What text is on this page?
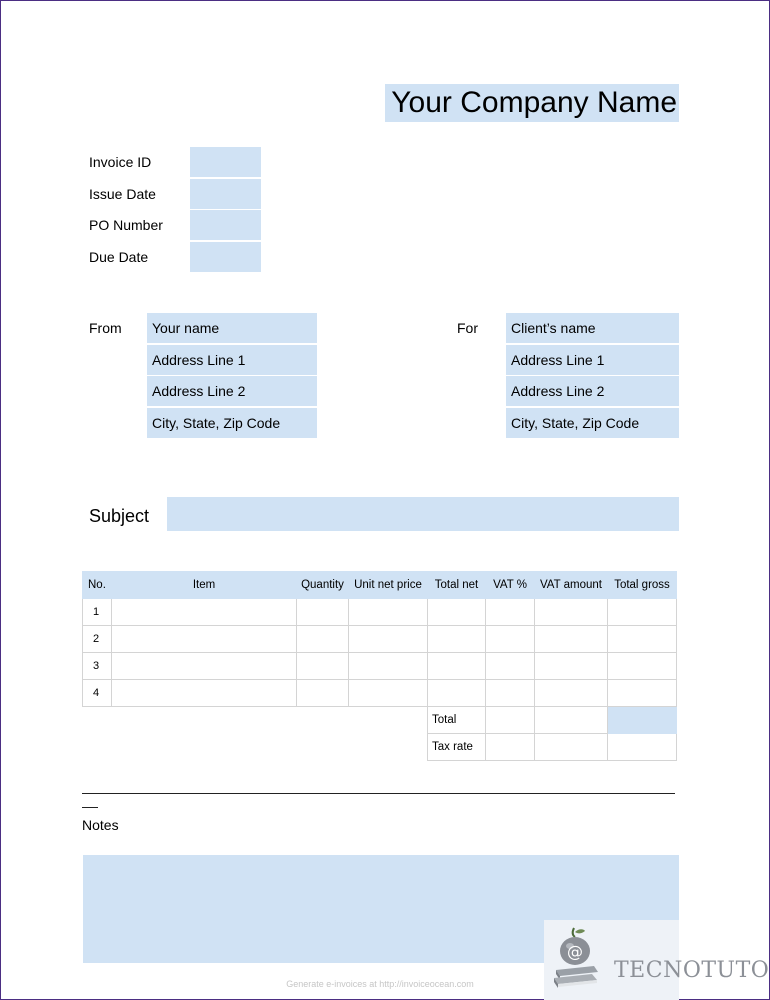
Your Company Name
Invoice ID
Issue Date
PO Number
Due Date
From	Your name
Address Line 1
Address Line 2
City, State, Zip Code
For	Client’s name
Address Line 1
Address Line 2
City, State, Zip Code
Subject
No.	Item	Quantity	Unit net price	Total net	VAT %	VAT amount	Total gross
1							
2							
3							
4							
				Total			
				Tax rate			
Notes
Generate e-invoices at http://invoiceocean.com
@
TECNOTUTO
